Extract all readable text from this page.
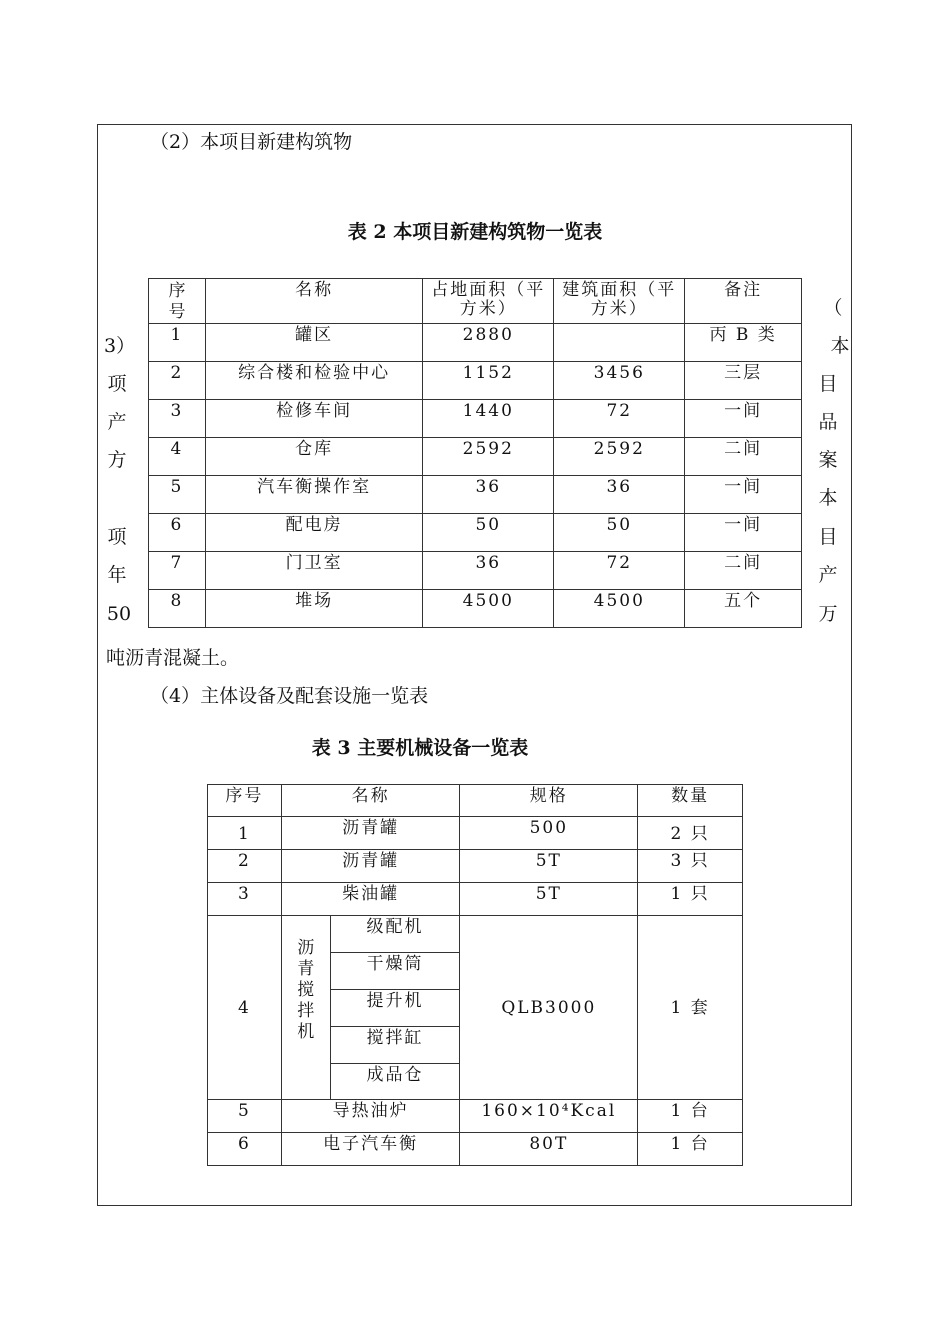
（2）本项目新建构筑物
表 2 本项目新建构筑物一览表
3）
项
产
方
项
年
50
（
本
目
品
案
本
目
产
万
序号	名称	占地面积（平方米）	建筑面积（平方米）	备注
1	罐区	2880		丙 B 类
2	综合楼和检验中心	1152	3456	三层
3	检修车间	1440	72	一间
4	仓库	2592	2592	二间
5	汽车衡操作室	36	36	一间
6	配电房	50	50	一间
7	门卫室	36	72	二间
8	堆场	4500	4500	五个
吨沥青混凝土。
（4）主体设备及配套设施一览表
表 3 主要机械设备一览表
序号	名称		规格	数量
1	沥青罐		500	2 只
2	沥青罐		5T	3 只
3	柴油罐		5T	1 只
4	沥青搅拌机	级配机	QLB3000	1 套
		干燥筒		
		提升机		
		搅拌缸		
		成品仓		
5	导热油炉		160×10⁴Kcal	1 台
6	电子汽车衡		80T	1 台
